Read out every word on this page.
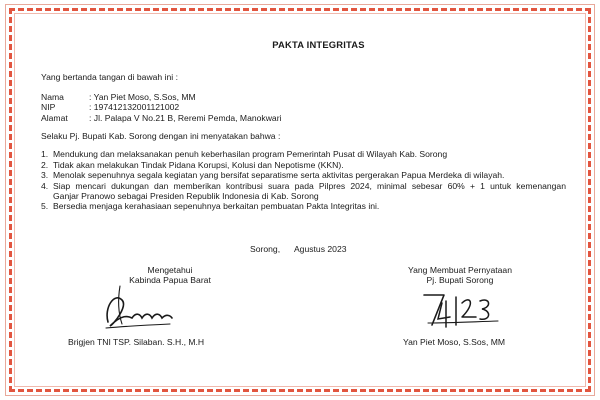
PAKTA INTEGRITAS
Yang bertanda tangan di bawah ini :
Nama	: Yan Piet Moso, S.Sos, MM
NIP	: 197412132001121002
Alamat	: Jl. Palapa V No.21 B, Reremi Pemda, Manokwari
Selaku Pj. Bupati Kab. Sorong dengan ini menyatakan bahwa :
1. Mendukung dan melaksanakan penuh keberhasilan program Pemerintah Pusat di Wilayah Kab. Sorong
2. Tidak akan melakukan Tindak Pidana Korupsi, Kolusi dan Nepotisme (KKN).
3. Menolak sepenuhnya segala kegiatan yang bersifat separatisme serta aktivitas pergerakan Papua Merdeka di wilayah.
4. Siap mencari dukungan dan memberikan kontribusi suara pada Pilpres 2024, minimal sebesar 60% + 1 untuk kemenangan
Ganjar Pranowo sebagai Presiden Republik Indonesia di Kab. Sorong
5. Bersedia menjaga kerahasiaan sepenuhnya berkaitan pembuatan Pakta Integritas ini.
Sorong,      Agustus 2023
Mengetahui
Kabinda Papua Barat
Yang Membuat Pernyataan
Pj. Bupati Sorong
Brigjen TNI TSP. Silaban. S.H., M.H	Yan Piet Moso, S.Sos, MM
